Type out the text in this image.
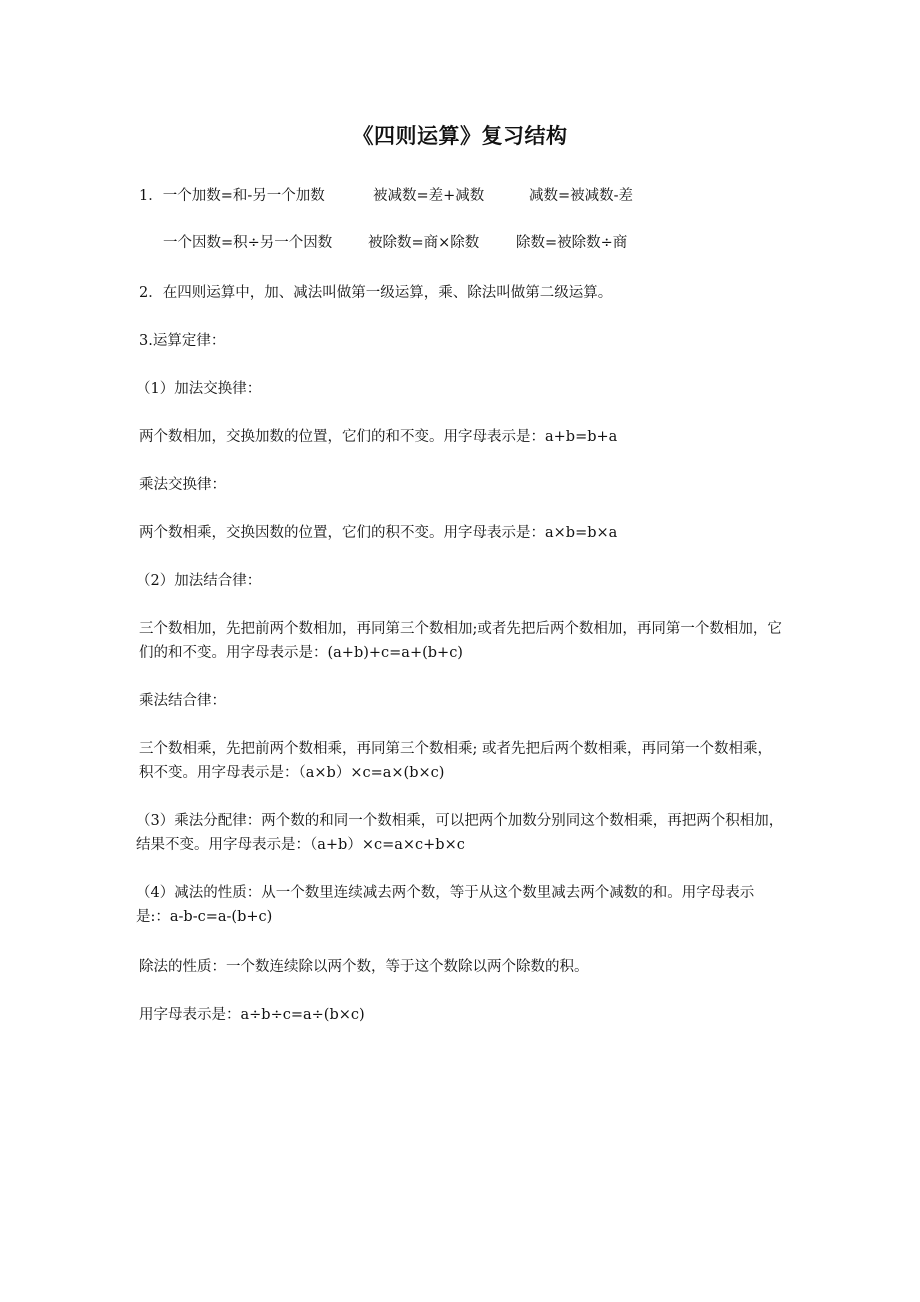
《四则运算》复习结构
1．一个加数=和-另一个加数	被减数=差+减数	减数=被减数-差
一个因数=积÷另一个因数 被除数=商×除数	除数=被除数÷商
2．在四则运算中，加、减法叫做第一级运算，乘、除法叫做第二级运算。
3.运算定律：
（1）加法交换律：
两个数相加，交换加数的位置，它们的和不变。用字母表示是：a+b=b+a
乘法交换律：
两个数相乘，交换因数的位置，它们的积不变。用字母表示是：a×b=b×a
（2）加法结合律：
三个数相加，先把前两个数相加，再同第三个数相加;或者先把后两个数相加，再同第一个数相加，它们的和不变。用字母表示是：(a+b)+c=a+(b+c)
乘法结合律：
三个数相乘，先把前两个数相乘，再同第三个数相乘; 或者先把后两个数相乘，再同第一个数相乘， 积不变。用字母表示是：（a×b）×c=a×(b×c)
（3）乘法分配律：两个数的和同一个数相乘，可以把两个加数分别同这个数相乘，再把两个积相加，结果不变。用字母表示是：（a+b）×c=a×c+b×c
（4）减法的性质：从一个数里连续减去两个数，等于从这个数里减去两个减数的和。用字母表示是:：a-b-c=a-(b+c)
除法的性质：一个数连续除以两个数，等于这个数除以两个除数的积。
用字母表示是：a÷b÷c=a÷(b×c)
